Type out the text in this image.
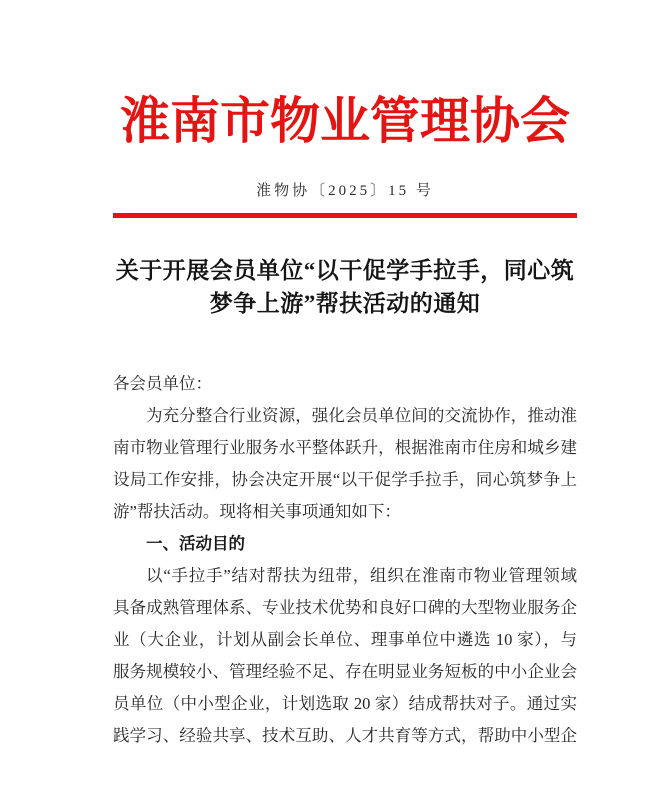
淮南市物业管理协会
淮物协〔2025〕15 号
关于开展会员单位“以干促学手拉手，同心筑
梦争上游”帮扶活动的通知
各会员单位：
为充分整合行业资源，强化会员单位间的交流协作，推动淮
南市物业管理行业服务水平整体跃升，根据淮南市住房和城乡建
设局工作安排，协会决定开展“以干促学手拉手，同心筑梦争上
游”帮扶活动。现将相关事项通知如下：
一、活动目的
以“手拉手”结对帮扶为纽带，组织在淮南市物业管理领域
具备成熟管理体系、专业技术优势和良好口碑的大型物业服务企
业（大企业，计划从副会长单位、理事单位中遴选 10 家），与
服务规模较小、管理经验不足、存在明显业务短板的中小企业会
员单位（中小型企业，计划选取 20 家）结成帮扶对子。通过实
践学习、经验共享、技术互助、人才共育等方式，帮助中小型企
